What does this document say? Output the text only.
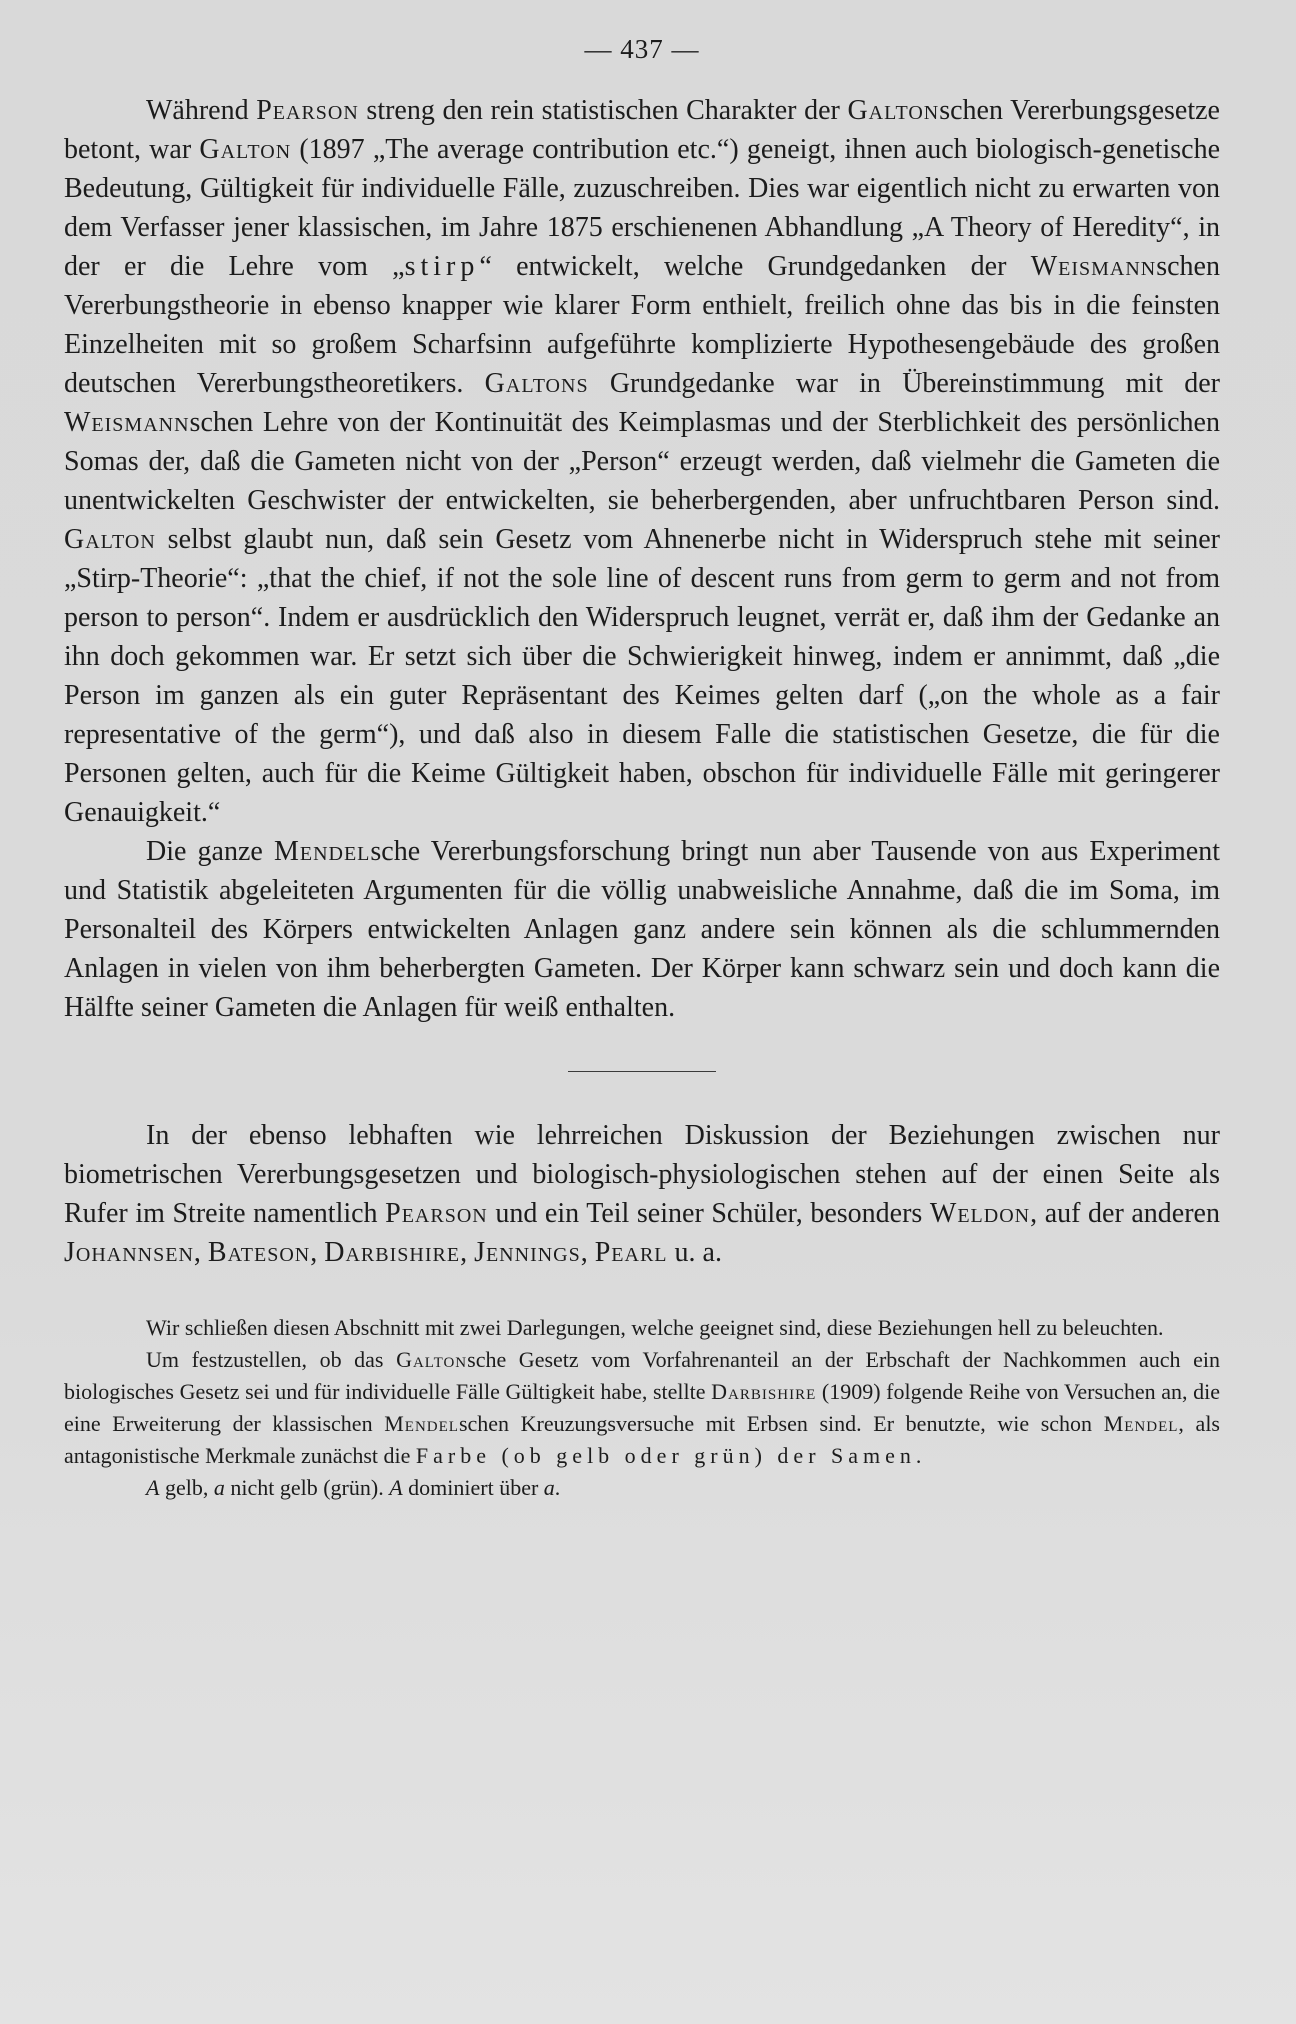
— 437 —

Während Pearson streng den rein statistischen Charakter der Galtonschen Vererbungsgesetze betont, war Galton (1897 „The average contribution etc.“) geneigt, ihnen auch biologisch-genetische Bedeutung, Gültigkeit für individuelle Fälle, zuzuschreiben. Dies war eigentlich nicht zu erwarten von dem Verfasser jener klassischen, im Jahre 1875 erschienenen Abhandlung „A Theory of Heredity“, in der er die Lehre vom „stirp“ entwickelt, welche Grundgedanken der Weismannschen Vererbungstheorie in ebenso knapper wie klarer Form enthielt, freilich ohne das bis in die feinsten Einzelheiten mit so großem Scharfsinn aufgeführte komplizierte Hypothesengebäude des großen deutschen Vererbungstheoretikers. Galtons Grundgedanke war in Übereinstimmung mit der Weismannschen Lehre von der Kontinuität des Keimplasmas und der Sterblichkeit des persönlichen Somas der, daß die Gameten nicht von der „Person“ erzeugt werden, daß vielmehr die Gameten die unentwickelten Geschwister der entwickelten, sie beherbergenden, aber unfruchtbaren Person sind. Galton selbst glaubt nun, daß sein Gesetz vom Ahnenerbe nicht in Widerspruch stehe mit seiner „Stirp-Theorie“: „that the chief, if not the sole line of descent runs from germ to germ and not from person to person“. Indem er ausdrücklich den Widerspruch leugnet, verrät er, daß ihm der Gedanke an ihn doch gekommen war. Er setzt sich über die Schwierigkeit hinweg, indem er annimmt, daß „die Person im ganzen als ein guter Repräsentant des Keimes gelten darf („on the whole as a fair representative of the germ“), und daß also in diesem Falle die statistischen Gesetze, die für die Personen gelten, auch für die Keime Gültigkeit haben, obschon für individuelle Fälle mit geringerer Genauigkeit.“

Die ganze Mendelsche Vererbungsforschung bringt nun aber Tausende von aus Experiment und Statistik abgeleiteten Argumenten für die völlig unabweisliche Annahme, daß die im Soma, im Personalteil des Körpers entwickelten Anlagen ganz andere sein können als die schlummernden Anlagen in vielen von ihm beherbergten Gameten. Der Körper kann schwarz sein und doch kann die Hälfte seiner Gameten die Anlagen für weiß enthalten.

In der ebenso lebhaften wie lehrreichen Diskussion der Beziehungen zwischen nur biometrischen Vererbungsgesetzen und biologisch-physiologischen stehen auf der einen Seite als Rufer im Streite namentlich Pearson und ein Teil seiner Schüler, besonders Weldon, auf der anderen Johannsen, Bateson, Darbishire, Jennings, Pearl u. a.

Wir schließen diesen Abschnitt mit zwei Darlegungen, welche geeignet sind, diese Beziehungen hell zu beleuchten.

Um festzustellen, ob das Galtonsche Gesetz vom Vorfahrenanteil an der Erbschaft der Nachkommen auch ein biologisches Gesetz sei und für individuelle Fälle Gültigkeit habe, stellte Darbishire (1909) folgende Reihe von Versuchen an, die eine Erweiterung der klassischen Mendelschen Kreuzungsversuche mit Erbsen sind. Er benutzte, wie schon Mendel, als antagonistische Merkmale zunächst die Farbe (ob gelb oder grün) der Samen.

A gelb, a nicht gelb (grün). A dominiert über a.
